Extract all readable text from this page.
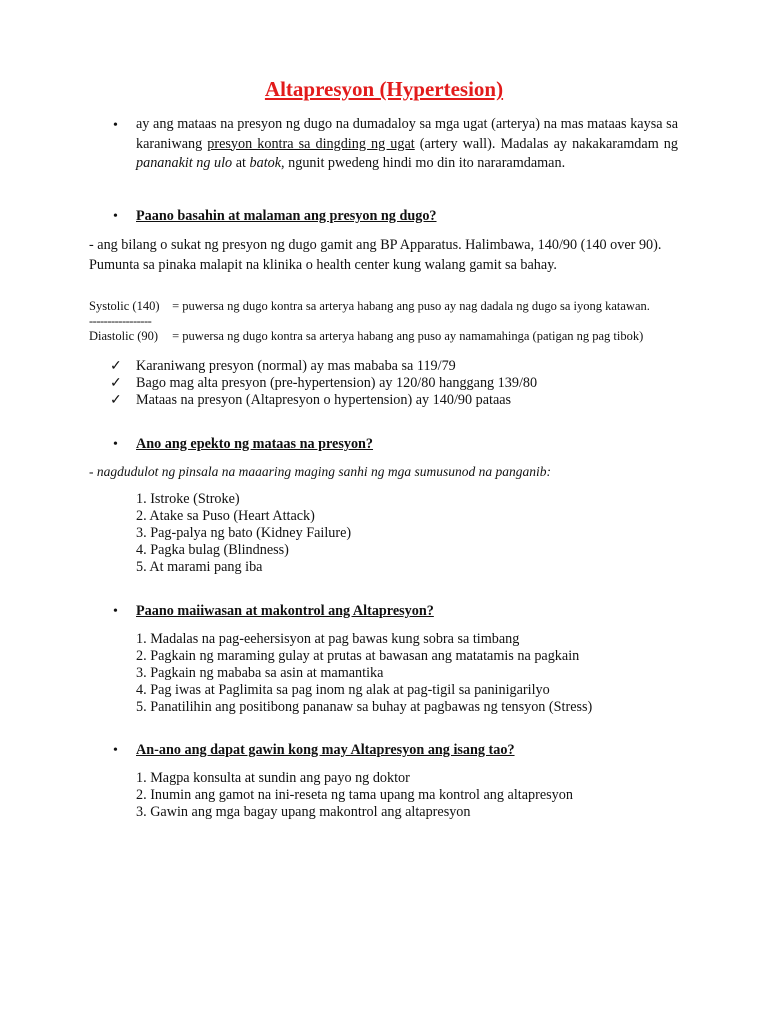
Altapresyon (Hypertesion)
•	ay ang mataas na presyon ng dugo na dumadaloy sa mga ugat (arterya) na mas mataas kaysa sa karaniwang presyon kontra sa dingding ng ugat (artery wall). Madalas ay nakakaramdam ng pananakit ng ulo at batok, ngunit pwedeng hindi mo din ito nararamdaman.
•	Paano basahin at malaman ang presyon ng dugo?
- ang bilang o sukat ng presyon ng dugo gamit ang BP Apparatus. Halimbawa, 140/90 (140 over 90). Pumunta sa pinaka malapit na klinika o health center kung walang gamit sa bahay.
Systolic (140) = puwersa ng dugo kontra sa arterya habang ang puso ay nag dadala ng dugo sa iyong katawan.
-----------------
Diastolic (90) = puwersa ng dugo kontra sa arterya habang ang puso ay namamahinga (patigan ng pag tibok)
✓ Karaniwang presyon (normal) ay mas mababa sa 119/79
✓ Bago mag alta presyon (pre-hypertension) ay 120/80 hanggang 139/80
✓ Mataas na presyon (Altapresyon o hypertension) ay 140/90 pataas
•	Ano ang epekto ng mataas na presyon?
- nagdudulot ng pinsala na maaaring maging sanhi ng mga sumusunod na panganib:
1. Istroke (Stroke)
2. Atake sa Puso (Heart Attack)
3. Pag-palya ng bato (Kidney Failure)
4. Pagka bulag (Blindness)
5. At marami pang iba
•	Paano maiiwasan at makontrol ang Altapresyon?
1. Madalas na pag-eehersisyon at pag bawas kung sobra sa timbang
2. Pagkain ng maraming gulay at prutas at bawasan ang matatamis na pagkain
3. Pagkain ng mababa sa asin at mamantika
4. Pag iwas at Paglimita sa pag inom ng alak at pag-tigil sa paninigarilyo
5. Panatilihin ang positibong pananaw sa buhay at pagbawas ng tensyon (Stress)
•	An-ano ang dapat gawin kong may Altapresyon ang isang tao?
1. Magpa konsulta at sundin ang payo ng doktor
2. Inumin ang gamot na ini-reseta ng tama upang ma kontrol ang altapresyon
3. Gawin ang mga bagay upang makontrol ang altapresyon
